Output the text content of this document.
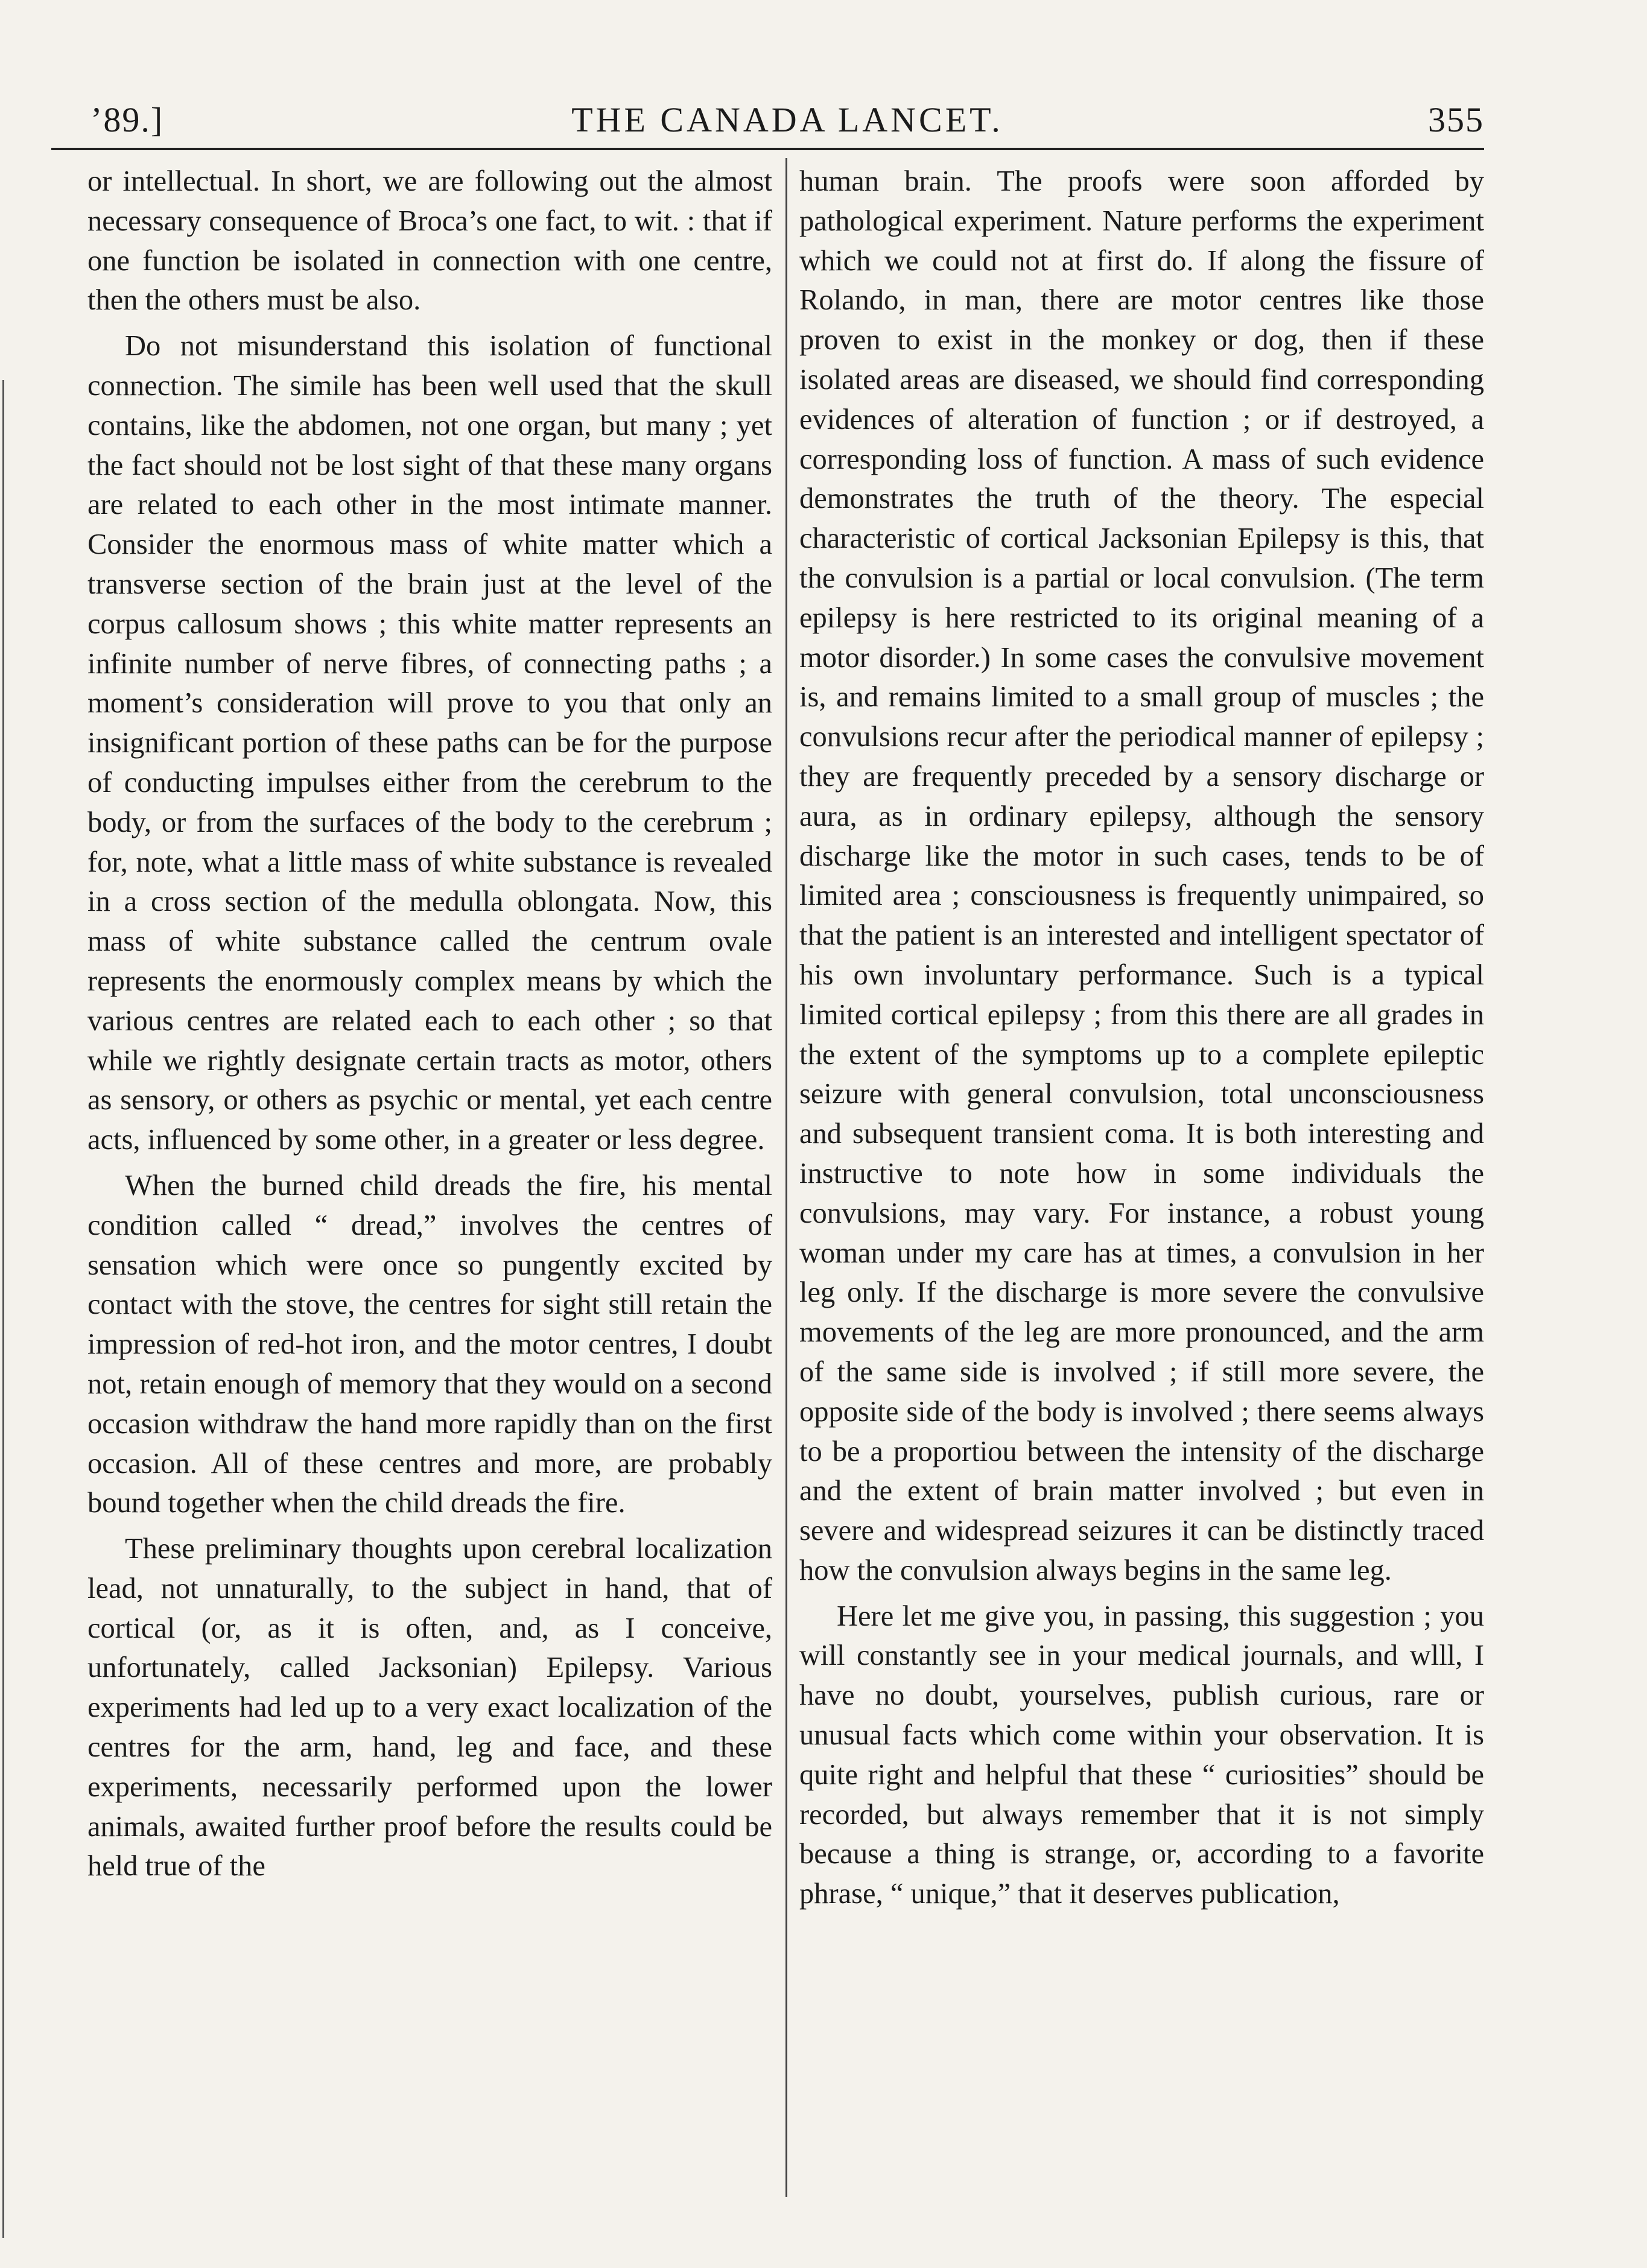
’89.]	THE CANADA LANCET.	355

or intellectual. In short, we are following out the almost necessary consequence of Broca’s one fact, to wit. : that if one function be isolated in connection with one centre, then the others must be also.

Do not misunderstand this isolation of functional connection. The simile has been well used that the skull contains, like the abdomen, not one organ, but many ; yet the fact should not be lost sight of that these many organs are related to each other in the most intimate manner. Consider the enormous mass of white matter which a transverse section of the brain just at the level of the corpus callosum shows ; this white matter represents an infinite number of nerve fibres, of connecting paths ; a moment’s consideration will prove to you that only an insignificant portion of these paths can be for the purpose of conducting impulses either from the cerebrum to the body, or from the surfaces of the body to the cerebrum ; for, note, what a little mass of white substance is revealed in a cross section of the medulla oblongata. Now, this mass of white substance called the centrum ovale represents the enormously complex means by which the various centres are related each to each other ; so that while we rightly designate certain tracts as motor, others as sensory, or others as psychic or mental, yet each centre acts, influenced by some other, in a greater or less degree.

When the burned child dreads the fire, his mental condition called “ dread,” involves the centres of sensation which were once so pungently excited by contact with the stove, the centres for sight still retain the impression of red-hot iron, and the motor centres, I doubt not, retain enough of memory that they would on a second occasion withdraw the hand more rapidly than on the first occasion. All of these centres and more, are probably bound together when the child dreads the fire.

These preliminary thoughts upon cerebral localization lead, not unnaturally, to the subject in hand, that of cortical (or, as it is often, and, as I conceive, unfortunately, called Jacksonian) Epilepsy. Various experiments had led up to a very exact localization of the centres for the arm, hand, leg and face, and these experiments, necessarily performed upon the lower animals, awaited further proof before the results could be held true of the

human brain. The proofs were soon afforded by pathological experiment. Nature performs the experiment which we could not at first do. If along the fissure of Rolando, in man, there are motor centres like those proven to exist in the monkey or dog, then if these isolated areas are diseased, we should find corresponding evidences of alteration of function ; or if destroyed, a corresponding loss of function. A mass of such evidence demonstrates the truth of the theory. The especial characteristic of cortical Jacksonian Epilepsy is this, that the convulsion is a partial or local convulsion. (The term epilepsy is here restricted to its original meaning of a motor disorder.) In some cases the convulsive movement is, and remains limited to a small group of muscles ; the convulsions recur after the periodical manner of epilepsy ; they are frequently preceded by a sensory discharge or aura, as in ordinary epilepsy, although the sensory discharge like the motor in such cases, tends to be of limited area ; consciousness is frequently unimpaired, so that the patient is an interested and intelligent spectator of his own involuntary performance. Such is a typical limited cortical epilepsy ; from this there are all grades in the extent of the symptoms up to a complete epileptic seizure with general convulsion, total unconsciousness and subsequent transient coma. It is both interesting and instructive to note how in some individuals the convulsions, may vary. For instance, a robust young woman under my care has at times, a convulsion in her leg only. If the discharge is more severe the convulsive movements of the leg are more pronounced, and the arm of the same side is involved ; if still more severe, the opposite side of the body is involved ; there seems always to be a proportiou between the intensity of the discharge and the extent of brain matter involved ; but even in severe and widespread seizures it can be distinctly traced how the convulsion always begins in the same leg.

Here let me give you, in passing, this suggestion ; you will constantly see in your medical journals, and wlll, I have no doubt, yourselves, publish curious, rare or unusual facts which come within your observation. It is quite right and helpful that these “ curiosities” should be recorded, but always remember that it is not simply because a thing is strange, or, according to a favorite phrase, “ unique,” that it deserves publication,
